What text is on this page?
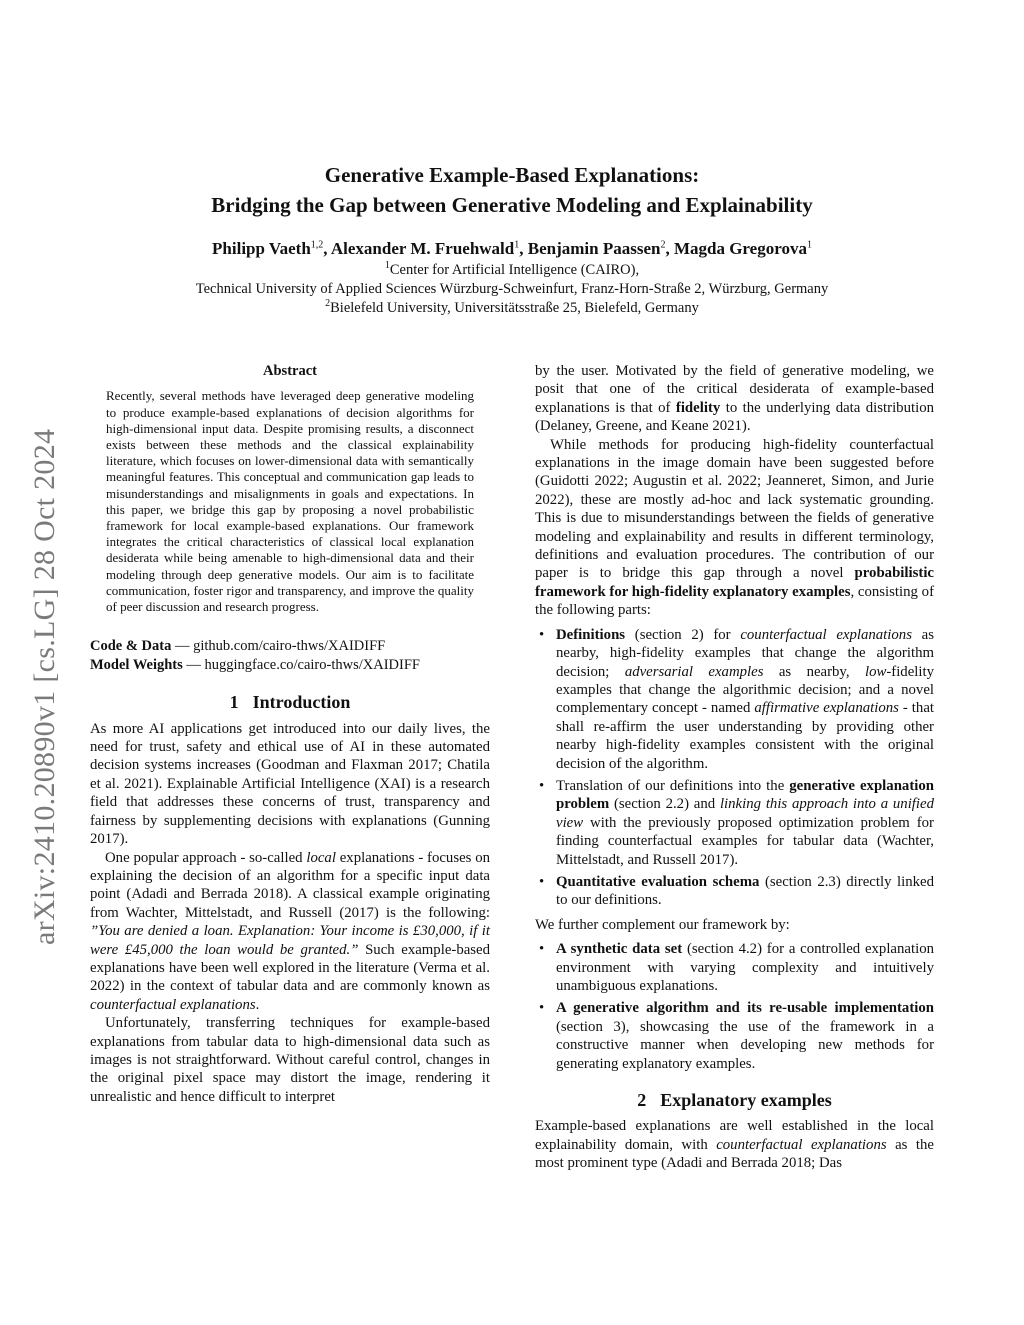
arXiv:2410.20890v1 [cs.LG] 28 Oct 2024
Generative Example-Based Explanations:
Bridging the Gap between Generative Modeling and Explainability
Philipp Vaeth$^{1,2}$, Alexander M. Fruehwald$^1$, Benjamin Paassen$^2$, Magda Gregorova$^1$
$^1$Center for Artificial Intelligence (CAIRO),
Technical University of Applied Sciences Würzburg-Schweinfurt, Franz-Horn-Straße 2, Würzburg, Germany
$^2$Bielefeld University, Universitätsstraße 25, Bielefeld, Germany
Abstract

Recently, several methods have leveraged deep generative modeling to produce example-based explanations of decision algorithms for high-dimensional input data. Despite promising results, a disconnect exists between these methods and the classical explainability literature, which focuses on lower-dimensional data with semantically meaningful features. This conceptual and communication gap leads to misunderstandings and misalignments in goals and expectations. In this paper, we bridge this gap by proposing a novel probabilistic framework for local example-based explanations. Our framework integrates the critical characteristics of classical local explanation desiderata while being amenable to high-dimensional data and their modeling through deep generative models. Our aim is to facilitate communication, foster rigor and transparency, and improve the quality of peer discussion and research progress.

Code & Data — github.com/cairo-thws/XAIDIFF
Model Weights — huggingface.co/cairo-thws/XAIDIFF
1 Introduction

As more AI applications get introduced into our daily lives, the need for trust, safety and ethical use of AI in these automated decision systems increases (Goodman and Flaxman 2017; Chatila et al. 2021). Explainable Artificial Intelligence (XAI) is a research field that addresses these concerns of trust, transparency and fairness by supplementing decisions with explanations (Gunning 2017).

One popular approach - so-called local explanations - focuses on explaining the decision of an algorithm for a specific input data point (Adadi and Berrada 2018). A classical example originating from Wachter, Mittelstadt, and Russell (2017) is the following: ”You are denied a loan. Explanation: Your income is £30,000, if it were £45,000 the loan would be granted.” Such example-based explanations have been well explored in the literature (Verma et al. 2022) in the context of tabular data and are commonly known as counterfactual explanations.

Unfortunately, transferring techniques for example-based explanations from tabular data to high-dimensional data such as images is not straightforward. Without careful control, changes in the original pixel space may distort the image, rendering it unrealistic and hence difficult to interpret

by the user. Motivated by the field of generative modeling, we posit that one of the critical desiderata of example-based explanations is that of fidelity to the underlying data distribution (Delaney, Greene, and Keane 2021).

While methods for producing high-fidelity counterfactual explanations in the image domain have been suggested before (Guidotti 2022; Augustin et al. 2022; Jeanneret, Simon, and Jurie 2022), these are mostly ad-hoc and lack systematic grounding. This is due to misunderstandings between the fields of generative modeling and explainability and results in different terminology, definitions and evaluation procedures. The contribution of our paper is to bridge this gap through a novel probabilistic framework for high-fidelity explanatory examples, consisting of the following parts:

• Definitions (section 2) for counterfactual explanations as nearby, high-fidelity examples that change the algorithm decision; adversarial examples as nearby, low-fidelity examples that change the algorithmic decision; and a novel complementary concept - named affirmative explanations - that shall re-affirm the user understanding by providing other nearby high-fidelity examples consistent with the original decision of the algorithm.
• Translation of our definitions into the generative explanation problem (section 2.2) and linking this approach into a unified view with the previously proposed optimization problem for finding counterfactual examples for tabular data (Wachter, Mittelstadt, and Russell 2017).
• Quantitative evaluation schema (section 2.3) directly linked to our definitions.

We further complement our framework by:

• A synthetic data set (section 4.2) for a controlled explanation environment with varying complexity and intuitively unambiguous explanations.
• A generative algorithm and its re-usable implementation (section 3), showcasing the use of the framework in a constructive manner when developing new methods for generating explanatory examples.
2 Explanatory examples

Example-based explanations are well established in the local explainability domain, with counterfactual explanations as the most prominent type (Adadi and Berrada 2018; Das
